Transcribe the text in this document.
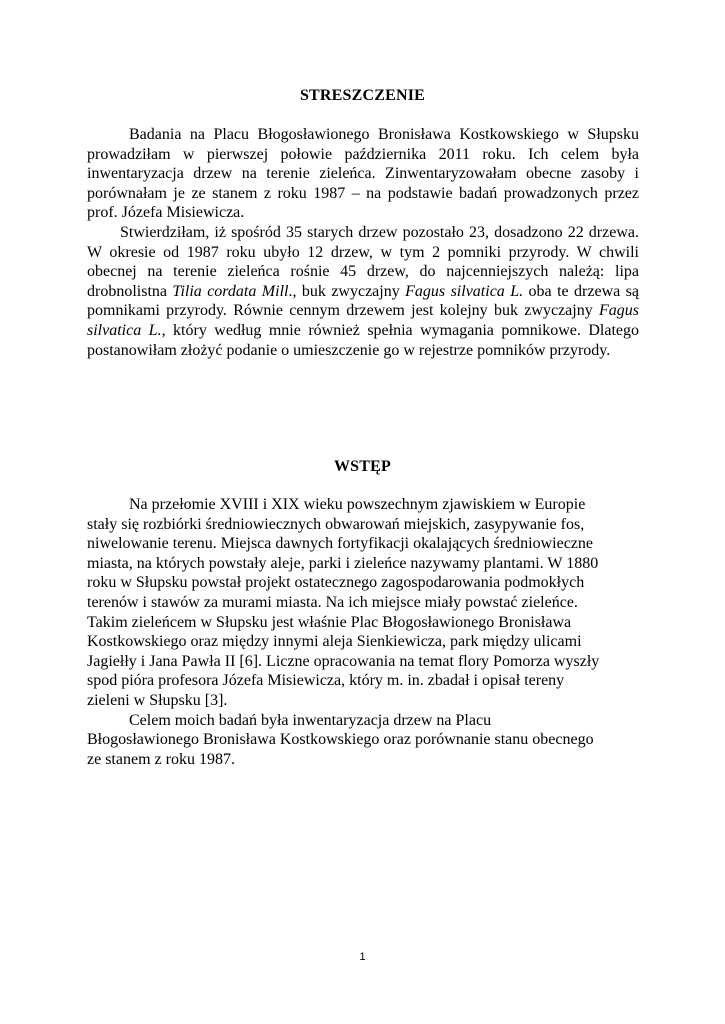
STRESZCZENIE

Badania na Placu Błogosławionego Bronisława Kostkowskiego w Słupsku prowadziłam w pierwszej połowie października 2011 roku. Ich celem była inwentaryzacja drzew na terenie zieleńca. Zinwentaryzowałam obecne zasoby i porównałam je ze stanem z roku 1987 – na podstawie badań prowadzonych przez prof. Józefa Misiewicza.

Stwierdziłam, iż spośród 35 starych drzew pozostało 23, dosadzono 22 drzewa. W okresie od 1987 roku ubyło 12 drzew, w tym 2 pomniki przyrody. W chwili obecnej na terenie zieleńca rośnie 45 drzew, do najcenniejszych należą: lipa drobnolistna Tilia cordata Mill., buk zwyczajny Fagus silvatica L. oba te drzewa są pomnikami przyrody. Równie cennym drzewem jest kolejny buk zwyczajny Fagus silvatica L., który według mnie również spełnia wymagania pomnikowe. Dlatego postanowiłam złożyć podanie o umieszczenie go w rejestrze pomników przyrody.

WSTĘP

Na przełomie XVIII i XIX wieku powszechnym zjawiskiem w Europie
stały się rozbiórki średniowiecznych obwarowań miejskich, zasypywanie fos,
niwelowanie terenu. Miejsca dawnych fortyfikacji okalających średniowieczne
miasta, na których powstały aleje, parki i zieleńce nazywamy plantami. W 1880
roku w Słupsku powstał projekt ostatecznego zagospodarowania podmokłych
terenów i stawów za murami miasta. Na ich miejsce miały powstać zieleńce.
Takim zieleńcem w Słupsku jest właśnie Plac Błogosławionego Bronisława
Kostkowskiego oraz między innymi aleja Sienkiewicza, park między ulicami
Jagiełły i Jana Pawła II [6]. Liczne opracowania na temat flory Pomorza wyszły
spod pióra profesora Józefa Misiewicza, który m. in. zbadał i opisał tereny
zieleni w Słupsku [3].

Celem moich badań była inwentaryzacja drzew na Placu
Błogosławionego Bronisława Kostkowskiego oraz porównanie stanu obecnego
ze stanem z roku 1987.

1
